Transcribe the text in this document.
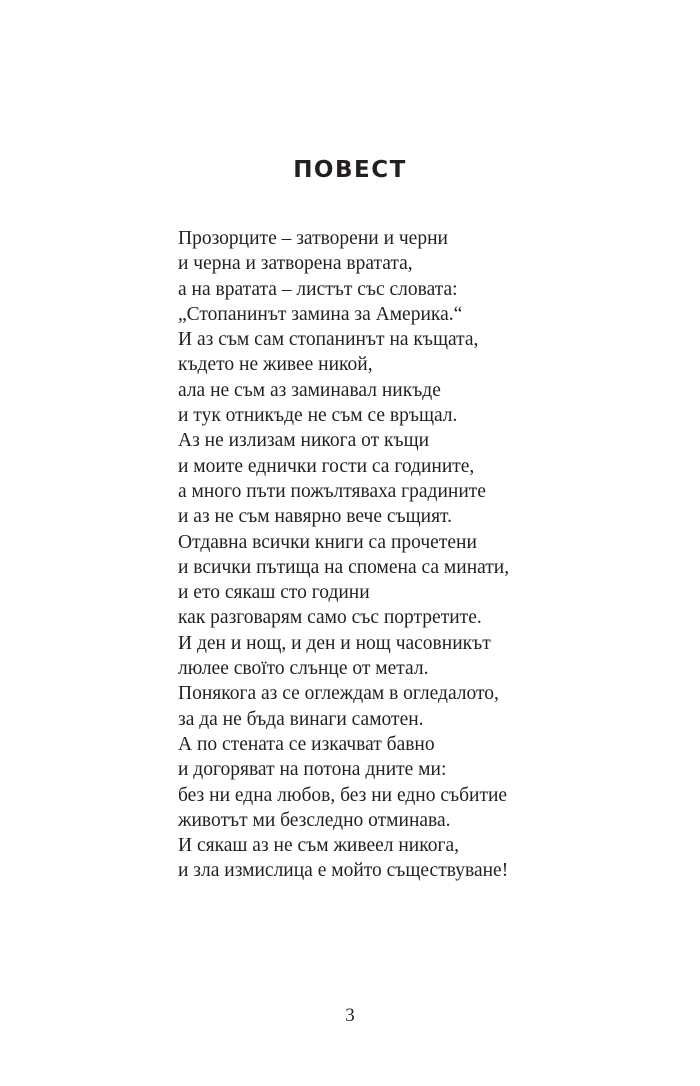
ПОВЕСТ
Прозорците – затворени и черни
и черна и затворена вратата,
а на вратата – листът със словата:
„Стопанинът замина за Америка.“
И аз съм сам стопанинът на къщата,
където не живее никой,
ала не съм аз заминавал никъде
и тук отникъде не съм се връщал.
Аз не излизам никога от къщи
и моите еднички гости са годините,
а много пъти пожълтяваха градините
и аз не съм навярно вече същият.
Отдавна всички книги са прочетени
и всички пътища на спомена са минати,
и ето сякаш сто години
как разговарям само със портретите.
И ден и нощ, и ден и нощ часовникът
люлее своїто слънце от метал.
Понякога аз се оглеждам в огледалото,
за да не бъда винаги самотен.
А по стената се изкачват бавно
и догоряват на потона дните ми:
без ни една любов, без ни едно събитие
животът ми безследно отминава.
И сякаш аз не съм живеел никога,
и зла измислица е мойто съществуване!
3
